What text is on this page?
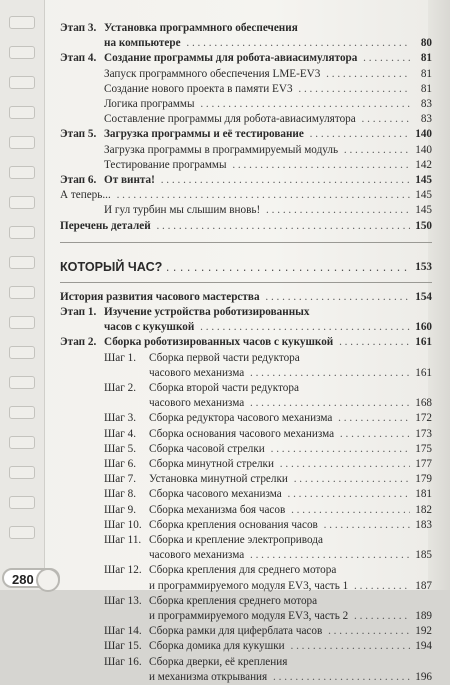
Этап 3. Установка программного обеспечения
на компьютере . . .	80
Этап 4. Создание программы для робота-авиасимулятора . . .	81
Запуск программного обеспечения LME-EV3 . . .	81
Создание нового проекта в памяти EV3 . . .	81
Логика программы . . .	83
Составление программы для робота-авиасимулятора . . .	83
Этап 5. Загрузка программы и её тестирование . . .	140
Загрузка программы в программируемый модуль . . .	140
Тестирование программы . . .	142
Этап 6. От винта! . . .	145
А теперь... . . .	145
И гул турбин мы слышим вновь! . . .	145
Перечень деталей . . .	150
КОТОРЫЙ ЧАС? . . .	153
История развития часового мастерства . . .	154
Этап 1. Изучение устройства роботизированных
часов с кукушкой . . .	160
Этап 2. Сборка роботизированных часов с кукушкой . . .	161
Шаг 1. Сборка первой части редуктора
часового механизма . . .	161
Шаг 2. Сборка второй части редуктора
часового механизма . . .	168
Шаг 3. Сборка редуктора часового механизма . . .	172
Шаг 4. Сборка основания часового механизма . . .	173
Шаг 5. Сборка часовой стрелки . . .	175
Шаг 6. Сборка минутной стрелки . . .	177
Шаг 7. Установка минутной стрелки . . .	179
Шаг 8. Сборка часового механизма . . .	181
Шаг 9. Сборка механизма боя часов . . .	182
Шаг 10. Сборка крепления основания часов . . .	183
Шаг 11. Сборка и крепление электропривода
часового механизма . . .	185
Шаг 12. Сборка крепления для среднего мотора
и программируемого модуля EV3, часть 1 . . .	187
Шаг 13. Сборка крепления среднего мотора
и программируемого модуля EV3, часть 2 . . .	189
Шаг 14. Сборка рамки для циферблата часов . . .	192
Шаг 15. Сборка домика для кукушки . . .	194
Шаг 16. Сборка дверки, её крепления
и механизма открывания . . .	196
280
